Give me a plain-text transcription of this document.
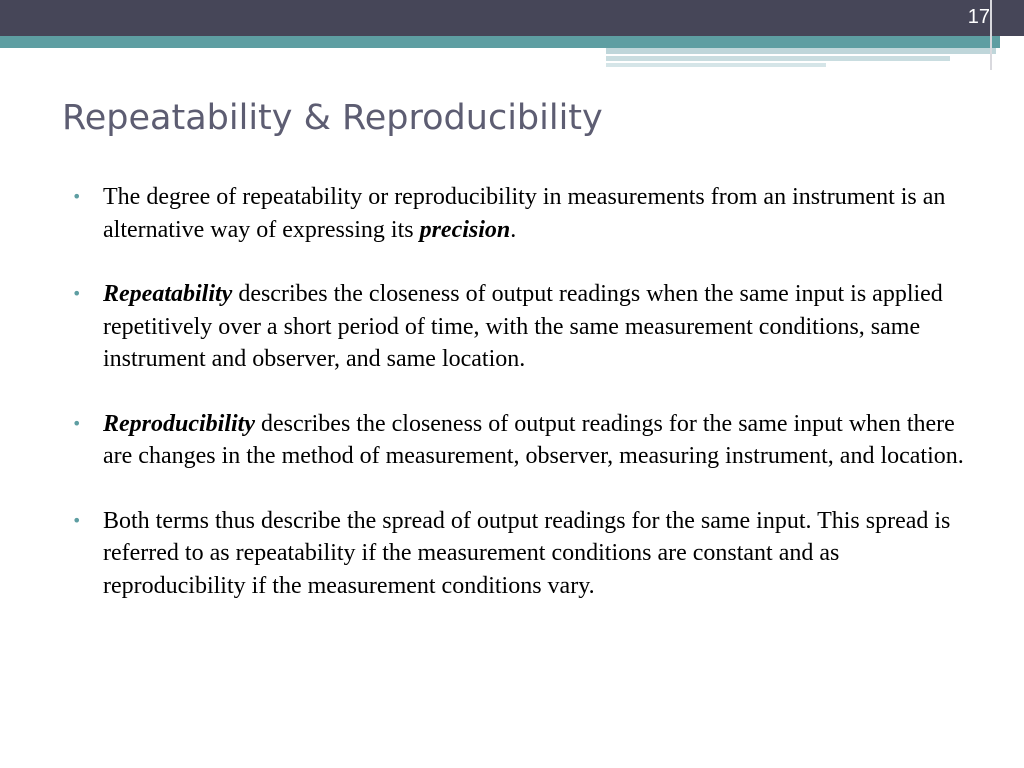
17
Repeatability & Reproducibility
• The degree of repeatability or reproducibility in measurements from an instrument is an alternative way of expressing its precision.
• Repeatability describes the closeness of output readings when the same input is applied repetitively over a short period of time, with the same measurement conditions, same instrument and observer, and same location.
• Reproducibility describes the closeness of output readings for the same input when there are changes in the method of measurement, observer, measuring instrument, and location.
• Both terms thus describe the spread of output readings for the same input. This spread is referred to as repeatability if the measurement conditions are constant and as reproducibility if the measurement conditions vary.
